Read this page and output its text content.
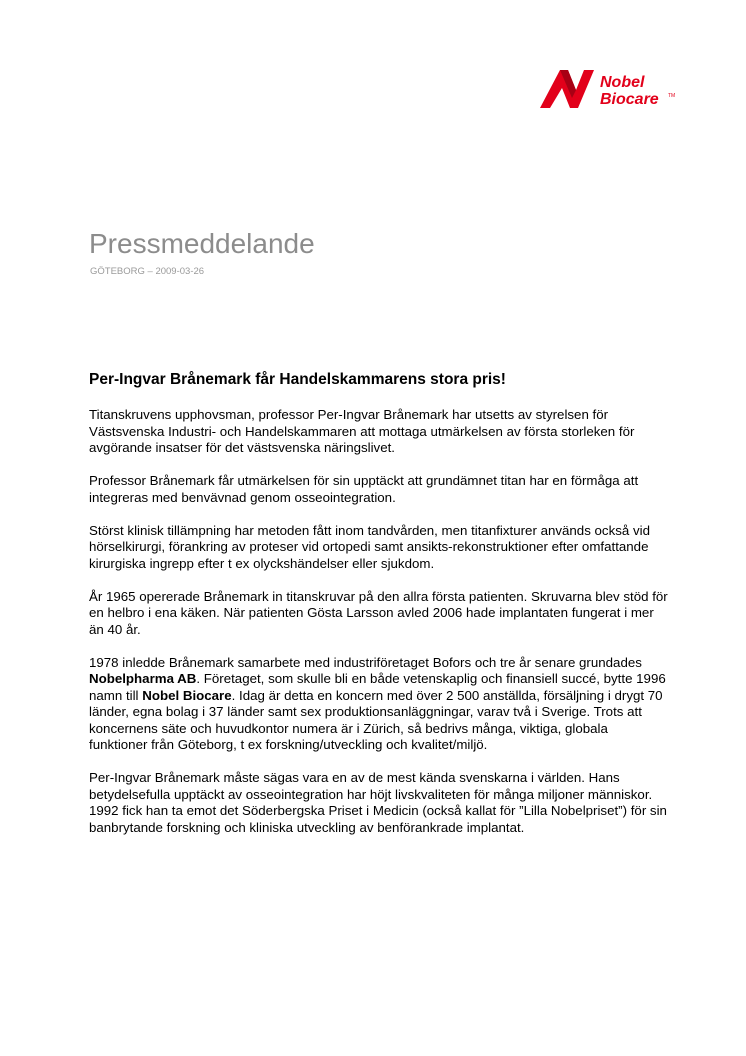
Nobel
Biocare TM
Pressmeddelande
GÖTEBORG – 2009-03-26
Per-Ingvar Brånemark får Handelskammarens stora pris!

Titanskruvens upphovsman, professor Per-Ingvar Brånemark har utsetts av styrelsen för Västsvenska Industri- och Handelskammaren att mottaga utmärkelsen av första storleken för avgörande insatser för det västsvenska näringslivet.

Professor Brånemark får utmärkelsen för sin upptäckt att grundämnet titan har en förmåga att integreras med benvävnad genom osseointegration.

Störst klinisk tillämpning har metoden fått inom tandvården, men titanfixturer används också vid hörselkirurgi, förankring av proteser vid ortopedi samt ansikts-rekonstruktioner efter omfattande kirurgiska ingrepp efter t ex olyckshändelser eller sjukdom.

År 1965 opererade Brånemark in titanskruvar på den allra första patienten. Skruvarna blev stöd för en helbro i ena käken. När patienten Gösta Larsson avled 2006 hade implantaten fungerat i mer än 40 år.

1978 inledde Brånemark samarbete med industriföretaget Bofors och tre år senare grundades Nobelpharma AB. Företaget, som skulle bli en både vetenskaplig och finansiell succé, bytte 1996 namn till Nobel Biocare. Idag är detta en koncern med över 2 500 anställda, försäljning i drygt 70 länder, egna bolag i 37 länder samt sex produktionsanläggningar, varav två i Sverige. Trots att koncernens säte och huvudkontor numera är i Zürich, så bedrivs många, viktiga, globala funktioner från Göteborg, t ex forskning/utveckling och kvalitet/miljö.

Per-Ingvar Brånemark måste sägas vara en av de mest kända svenskarna i världen. Hans betydelsefulla upptäckt av osseointegration har höjt livskvaliteten för många miljoner människor. 1992 fick han ta emot det Söderbergska Priset i Medicin (också kallat för ”Lilla Nobelpriset”) för sin banbrytande forskning och kliniska utveckling av benförankrade implantat.
